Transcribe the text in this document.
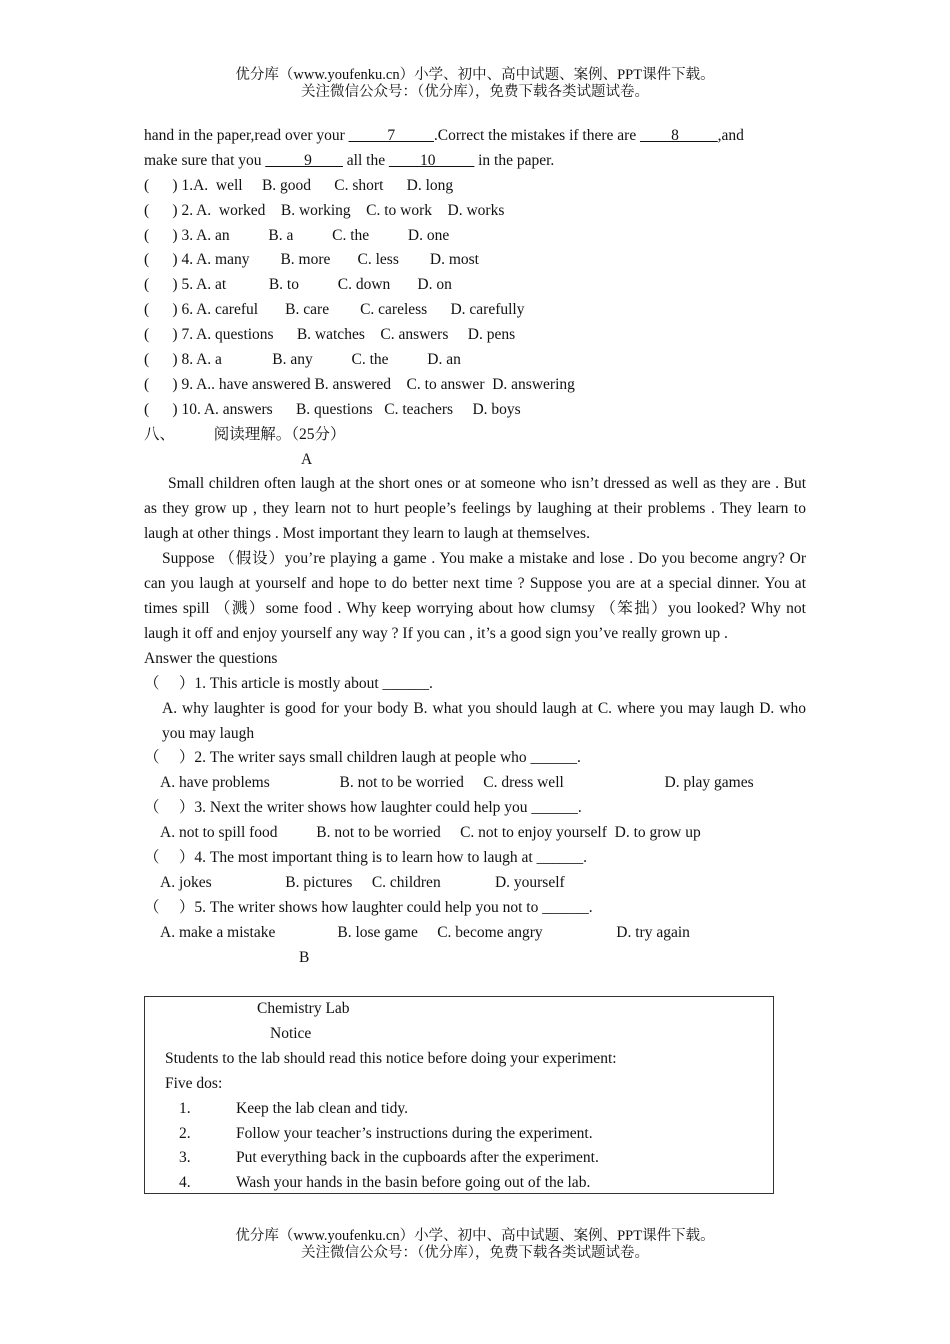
优分库（www.youfenku.cn）小学、初中、高中试题、案例、PPT课件下载。
关注微信公众号：（优分库），免费下载各类试题试卷。
hand in the paper,read over your _____7_____.Correct the mistakes if there are ____8_____,and
make sure that you _____9____ all the ____10_____ in the paper.
(      ) 1.A.  well     B. good      C. short      D. long
(      ) 2. A.  worked    B. working    C. to work    D. works
(      ) 3. A. an          B. a          C. the          D. one
(      ) 4. A. many        B. more       C. less        D. most
(      ) 5. A. at           B. to          C. down       D. on
(      ) 6. A. careful       B. care        C. careless      D. carefully
(      ) 7. A. questions      B. watches    C. answers     D. pens
(      ) 8. A. a             B. any          C. the          D. an
(      ) 9. A.. have answered B. answered    C. to answer  D. answering
(      ) 10. A. answers      B. questions   C. teachers     D. boys
八、	阅读理解。（25分）
A

Small children often laugh at the short ones or at someone who isn’t dressed as well as they are . But as they grow up , they learn not to hurt people’s feelings by laughing at their problems . They learn to laugh at other things . Most important they learn to laugh at themselves.

Suppose （假设）you’re playing a game . You make a mistake and lose . Do you become angry? Or can you laugh at yourself and hope to do better next time ? Suppose you are at a special dinner. You at times spill （溅）some food . Why keep worrying about how clumsy （笨拙）you looked? Why not laugh it off and enjoy yourself any way ? If you can , it’s a good sign you’ve really grown up .

Answer the questions
（     ）1. This article is mostly about ______.
A. why laughter is good for your body B. what you should laugh at C. where you may laugh D. who you may laugh
（     ）2. The writer says small children laugh at people who ______.
A. have problems                  B. not to be worried     C. dress well                          D. play games
（     ）3. Next the writer shows how laughter could help you ______.
A. not to spill food          B. not to be worried     C. not to enjoy yourself  D. to grow up
（     ）4. The most important thing is to learn how to laugh at ______.
A. jokes                   B. pictures     C. children              D. yourself
（     ）5. The writer shows how laughter could help you not to ______.
A. make a mistake                B. lose game     C. become angry                   D. try again
B
Chemistry Lab
Notice
Students to the lab should read this notice before doing your experiment:
Five dos:
1.	Keep the lab clean and tidy.
2.	Follow your teacher’s instructions during the experiment.
3.	Put everything back in the cupboards after the experiment.
4.	Wash your hands in the basin before going out of the lab.
优分库（www.youfenku.cn）小学、初中、高中试题、案例、PPT课件下载。
关注微信公众号：（优分库），免费下载各类试题试卷。
